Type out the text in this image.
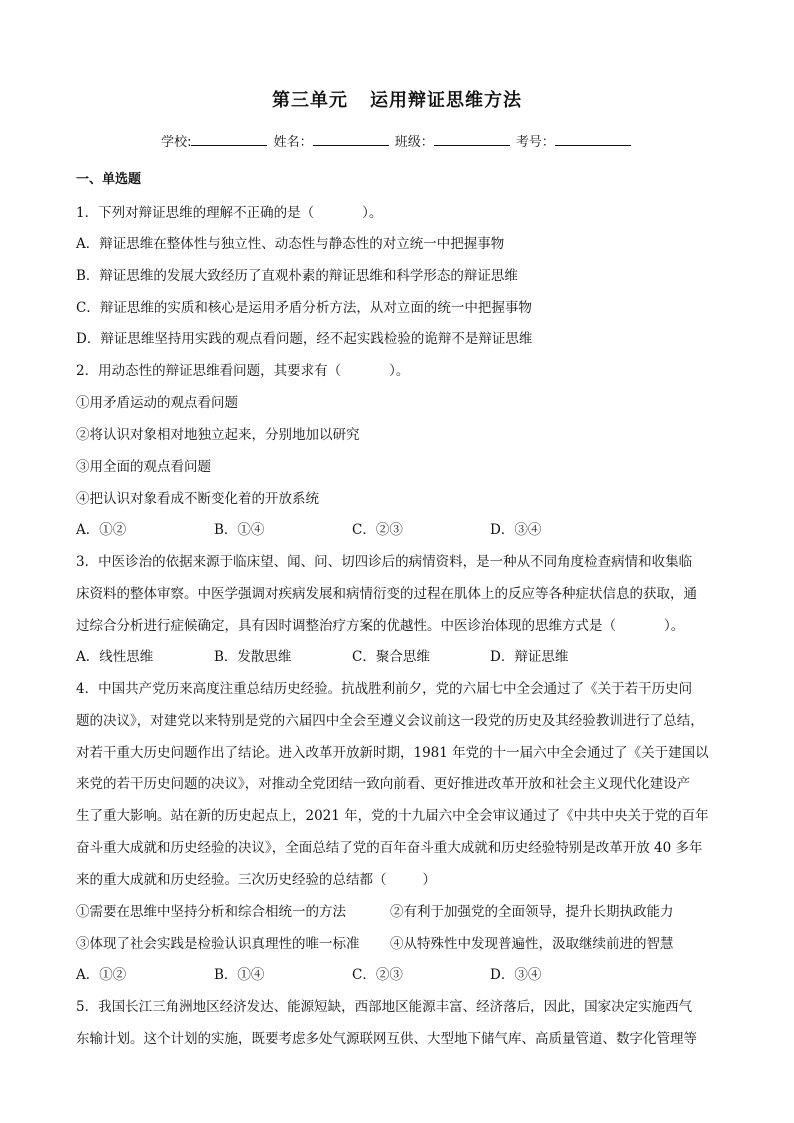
第三单元 运用辩证思维方法
学校:	姓名：	班级：	考号：
一、单选题
1．下列对辩证思维的理解不正确的是（	）。
A．辩证思维在整体性与独立性、动态性与静态性的对立统一中把握事物
B．辩证思维的发展大致经历了直观朴素的辩证思维和科学形态的辩证思维
C．辩证思维的实质和核心是运用矛盾分析方法，从对立面的统一中把握事物
D．辩证思维坚持用实践的观点看问题，经不起实践检验的诡辩不是辩证思维
2．用动态性的辩证思维看问题，其要求有（	）。
①用矛盾运动的观点看问题
②将认识对象相对地独立起来，分别地加以研究
③用全面的观点看问题
④把认识对象看成不断变化着的开放系统
A．①②	B．①④	C．②③	D．③④
3．中医诊治的依据来源于临床望、闻、问、切四诊后的病情资料，是一种从不同角度检查病情和收集临
床资料的整体审察。中医学强调对疾病发展和病情衍变的过程在肌体上的反应等各种症状信息的获取，通
过综合分析进行症候确定，具有因时调整治疗方案的优越性。中医诊治体现的思维方式是（	）。
A．线性思维	B．发散思维	C．聚合思维	D．辩证思维
4．中国共产党历来高度注重总结历史经验。抗战胜利前夕，党的六届七中全会通过了《关于若干历史问
题的决议》，对建党以来特别是党的六届四中全会至遵义会议前这一段党的历史及其经验教训进行了总结，
对若干重大历史问题作出了结论。进入改革开放新时期，1981 年党的十一届六中全会通过了《关于建国以
来党的若干历史问题的决议》，对推动全党团结一致向前看、更好推进改革开放和社会主义现代化建设产
生了重大影响。站在新的历史起点上，2021 年，党的十九届六中全会审议通过了《中共中央关于党的百年
奋斗重大成就和历史经验的决议》，全面总结了党的百年奋斗重大成就和历史经验特别是改革开放 40 多年
来的重大成就和历史经验。三次历史经验的总结都（	）
①需要在思维中坚持分析和综合相统一的方法	②有利于加强党的全面领导，提升长期执政能力
③体现了社会实践是检验认识真理性的唯一标准 ④从特殊性中发现普遍性，汲取继续前进的智慧
A．①②	B．①④	C．②③	D．③④
5．我国长江三角洲地区经济发达、能源短缺，西部地区能源丰富、经济落后，因此，国家决定实施西气
东输计划。这个计划的实施，既要考虑多处气源联网互供、大型地下储气库、高质量管道、数字化管理等
